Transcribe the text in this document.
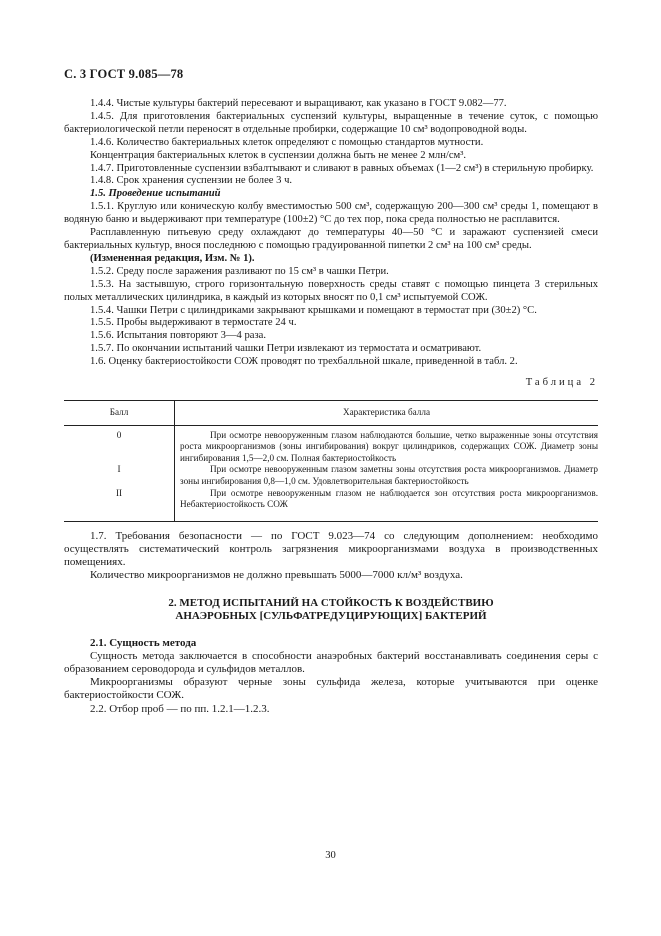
С. 3 ГОСТ 9.085—78

1.4.4. Чистые культуры бактерий пересевают и выращивают, как указано в ГОСТ 9.082—77.

1.4.5. Для приготовления бактериальных суспензий культуры, выращенные в течение суток, с помощью бактериологической петли переносят в отдельные пробирки, содержащие 10 см³ водопроводной воды.

1.4.6. Количество бактериальных клеток определяют с помощью стандартов мутности.

Концентрация бактериальных клеток в суспензии должна быть не менее 2 млн/см³.

1.4.7. Приготовленные суспензии взбалтывают и сливают в равных объемах (1—2 см³) в стерильную пробирку.

1.4.8. Срок хранения суспензии не более 3 ч.

1.5. Проведение испытаний

1.5.1. Круглую или коническую колбу вместимостью 500 см³, содержащую 200—300 см³ среды 1, помещают в водяную баню и выдерживают при температуре (100±2) °С до тех пор, пока среда полностью не расплавится.

Расплавленную питьевую среду охлаждают до температуры 40—50 °С и заражают суспензией смеси бактериальных культур, внося последнюю с помощью градуированной пипетки 2 см³ на 100 см³ среды.

(Измененная редакция, Изм. № 1).

1.5.2. Среду после заражения разливают по 15 см³ в чашки Петри.

1.5.3. На застывшую, строго горизонтальную поверхность среды ставят с помощью пинцета 3 стерильных полых металлических цилиндрика, в каждый из которых вносят по 0,1 см³ испытуемой СОЖ.

1.5.4. Чашки Петри с цилиндриками закрывают крышками и помещают в термостат при (30±2) °С.

1.5.5. Пробы выдерживают в термостате 24 ч.

1.5.6. Испытания повторяют 3—4 раза.

1.5.7. По окончании испытаний чашки Петри извлекают из термостата и осматривают.

1.6. Оценку бактериостойкости СОЖ проводят по трехбалльной шкале, приведенной в табл. 2.

Таблица 2
Балл	Характеристика балла
0	При осмотре невооруженным глазом наблюдаются большие, четко выраженные зоны отсутствия роста микроорганизмов (зоны ингибирования) вокруг цилиндриков, содержащих СОЖ. Диаметр зоны ингибирования 1,5—2,0 см. Полная бактериостойкость
I	При осмотре невооруженным глазом заметны зоны отсутствия роста микроорганизмов. Диаметр зоны ингибирования 0,8—1,0 см. Удовлетворительная бактериостойкость
II	При осмотре невооруженным глазом не наблюдается зон отсутствия роста микроорганизмов. Небактериостойкость СОЖ

1.7. Требования безопасности — по ГОСТ 9.023—74 со следующим дополнением: необходимо осуществлять систематический контроль загрязнения микроорганизмами воздуха в производственных помещениях.

Количество микроорганизмов не должно превышать 5000—7000 кл/м³ воздуха.

2. МЕТОД ИСПЫТАНИЙ НА СТОЙКОСТЬ К ВОЗДЕЙСТВИЮ
АНАЭРОБНЫХ [СУЛЬФАТРЕДУЦИРУЮЩИХ] БАКТЕРИЙ

2.1. Сущность метода

Сущность метода заключается в способности анаэробных бактерий восстанавливать соединения серы с образованием сероводорода и сульфидов металлов.

Микроорганизмы образуют черные зоны сульфида железа, которые учитываются при оценке бактериостойкости СОЖ.

2.2. Отбор проб — по пп. 1.2.1—1.2.3.

30
